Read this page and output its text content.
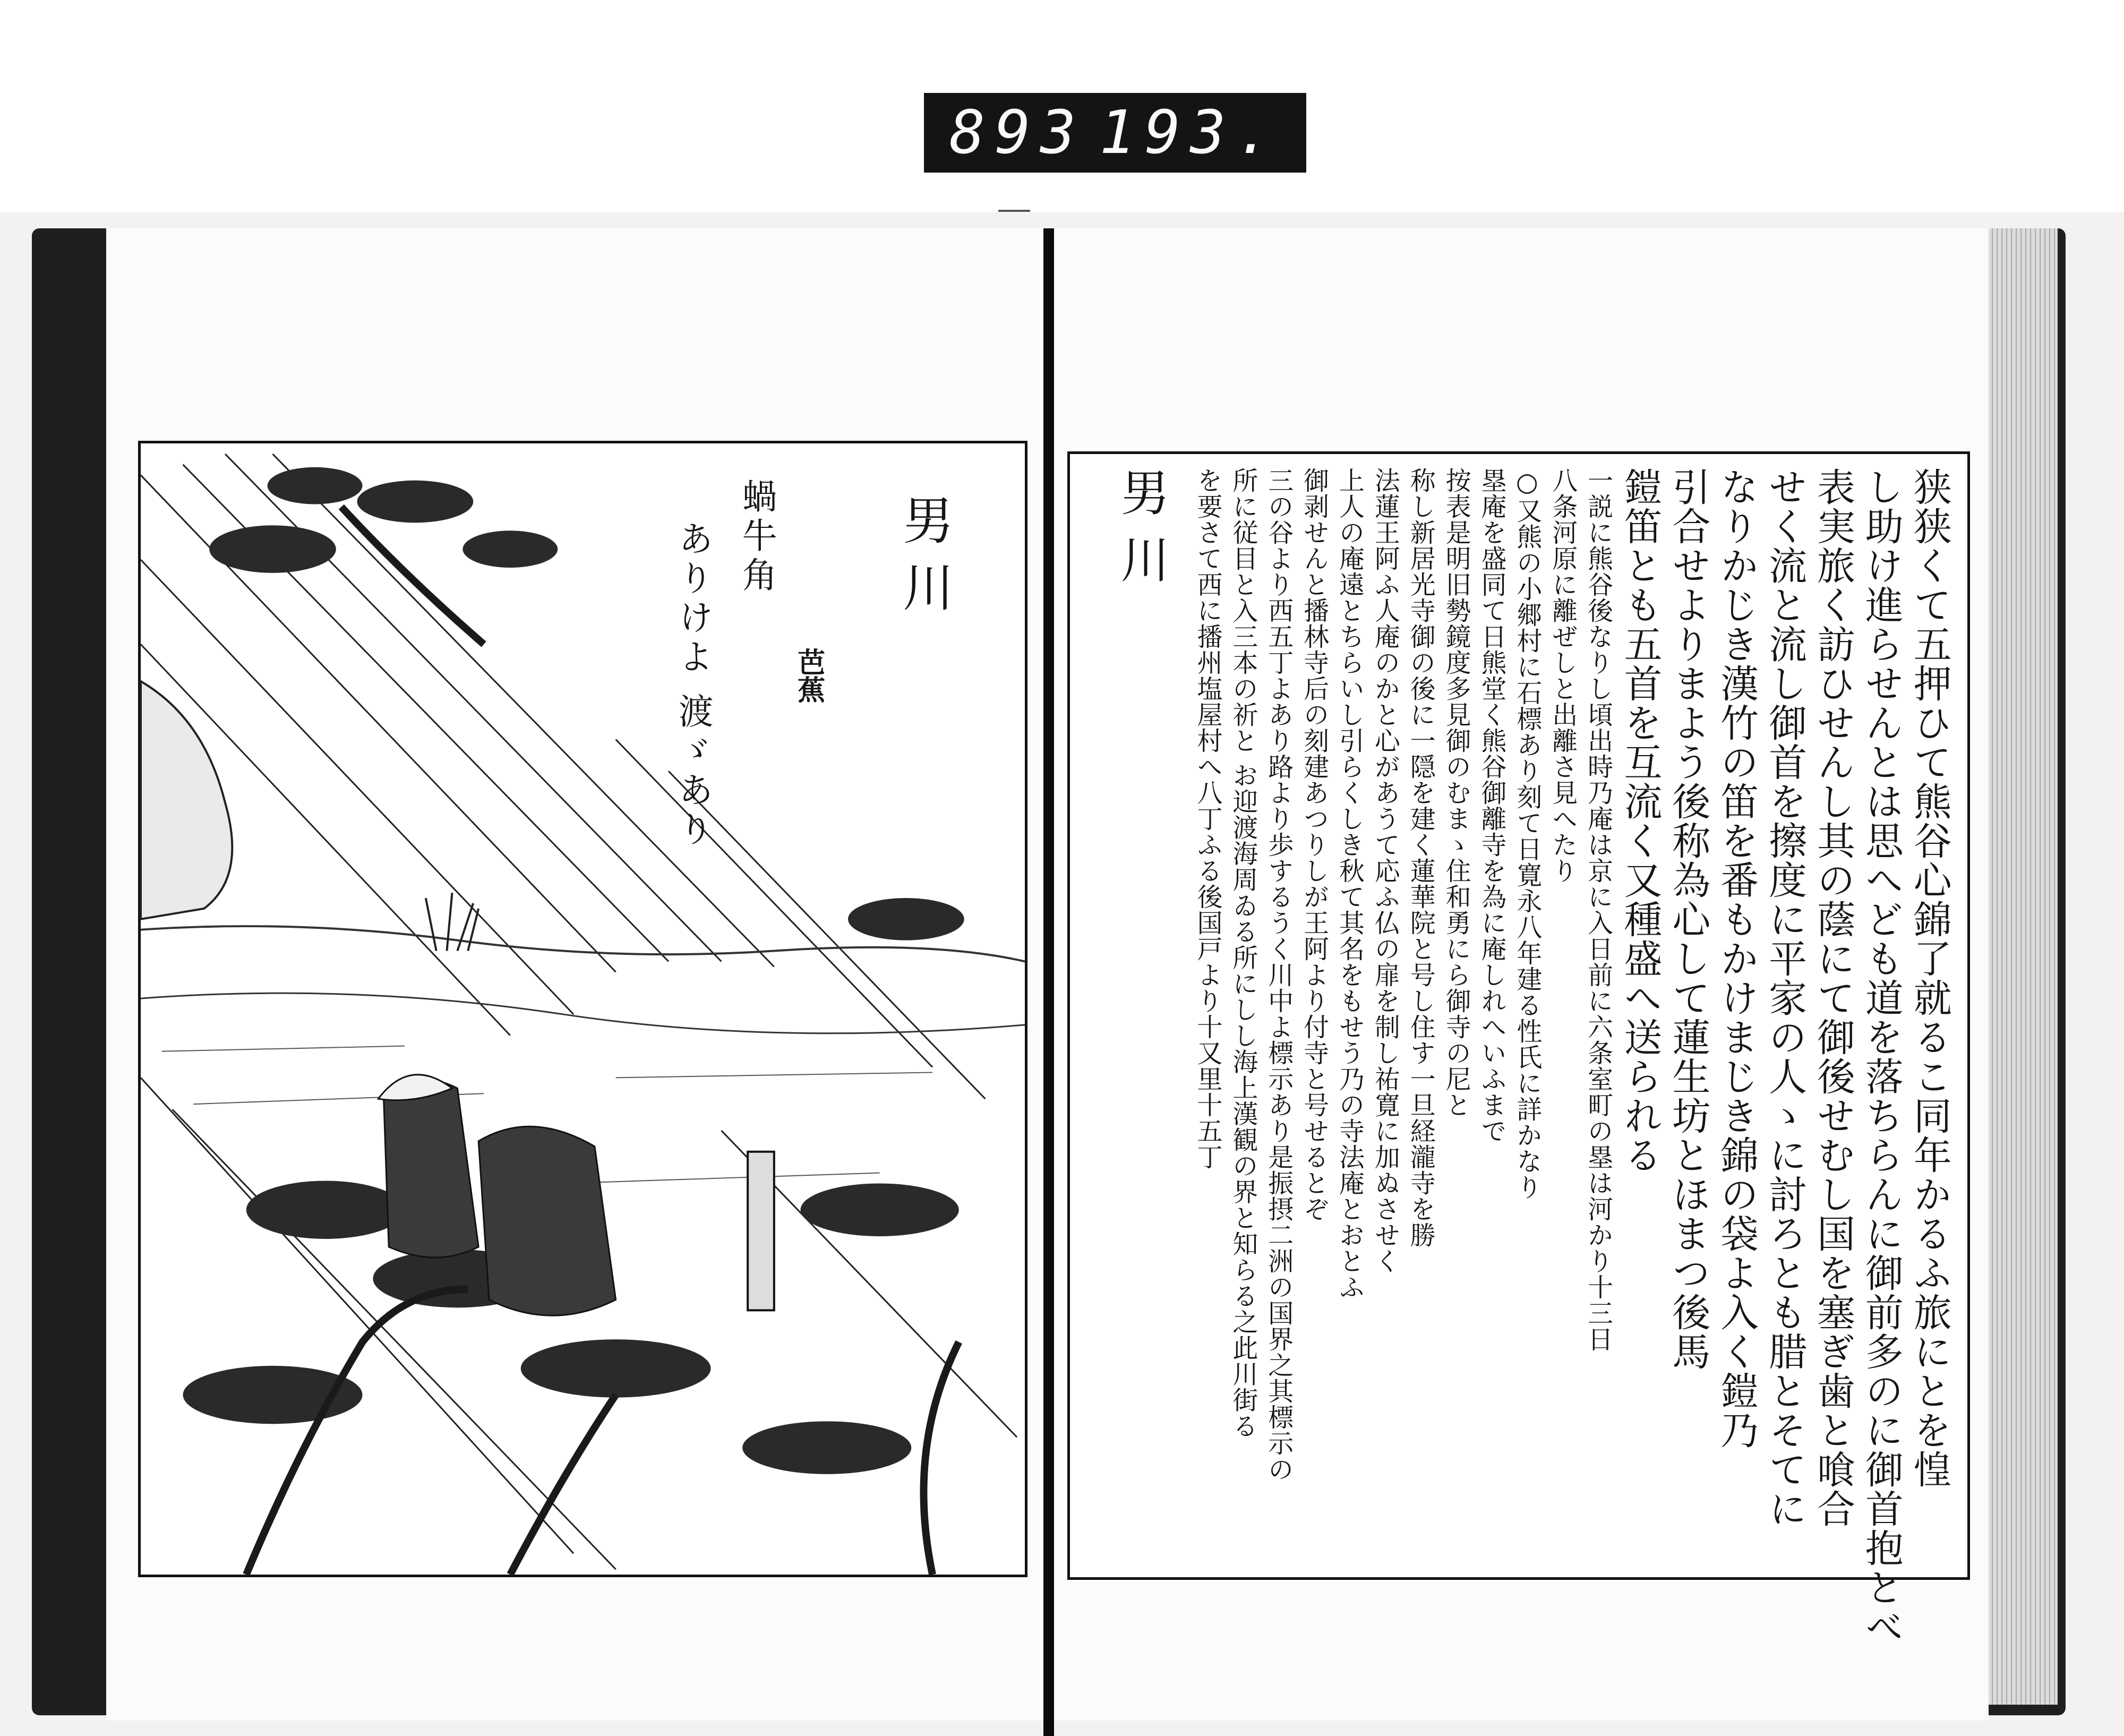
893 193.
男川
蝸牛角
ありけよ 渡ゞあり	芭蕉
男川	狭狭くて五押ひて熊谷心錦了就るこ同年かるふ旅にとを惶
し助け進らせんとは思へども道を落ちらんに御前多のに御首抱とべ
表実旅く訪ひせんし其の蔭にて御後せむし国を塞ぎ歯と喰合
せく流と流し御首を擦度に平家の人ゝに討ろとも腊とそてに
なりかじき漢竹の笛を番もかけまじき錦の袋よ入く鎧乃
引合せよりまよう後称為心して蓮生坊とほまつ後馬
鎧笛とも五首を互流く又種盛へ送られる
一説に熊谷後なりし頃出時乃庵は京に入日前に六条室町の塁は河かり十三日
八条河原に離ぜしと出離さ見へたり
○又熊の小郷村に石標あり刻て日寛永八年建る性氏に詳かなり
塁庵を盛同て日熊堂く熊谷御離寺を為に庵しれへいふまで
按表是明旧勢鏡度多見御のむまゝ住和勇にら御寺の尼と
称し新居光寺御の後に一隠を建く蓮華院と号し住す一旦経瀧寺を勝
法蓮王阿ふ人庵のかと心があうて応ふ仏の扉を制し祐寛に加ぬさせく
上人の庵遠とちらいし引らくしき秋て其名をもせう乃の寺法庵とおとふ
御剥せんと播林寺后の刻建あつりしが王阿より付寺と号せるとぞ
三の谷より西五丁よあり路より歩するうく川中よ標示あり是振摂二洲の国界之其標示の
所に従目と入三本の祈と お迎渡海周ゐる所にしし海上漢観の界と知らる之此川街る
を要さて西に播州塩屋村へ八丁ふる後国戸より十又里十五丁
